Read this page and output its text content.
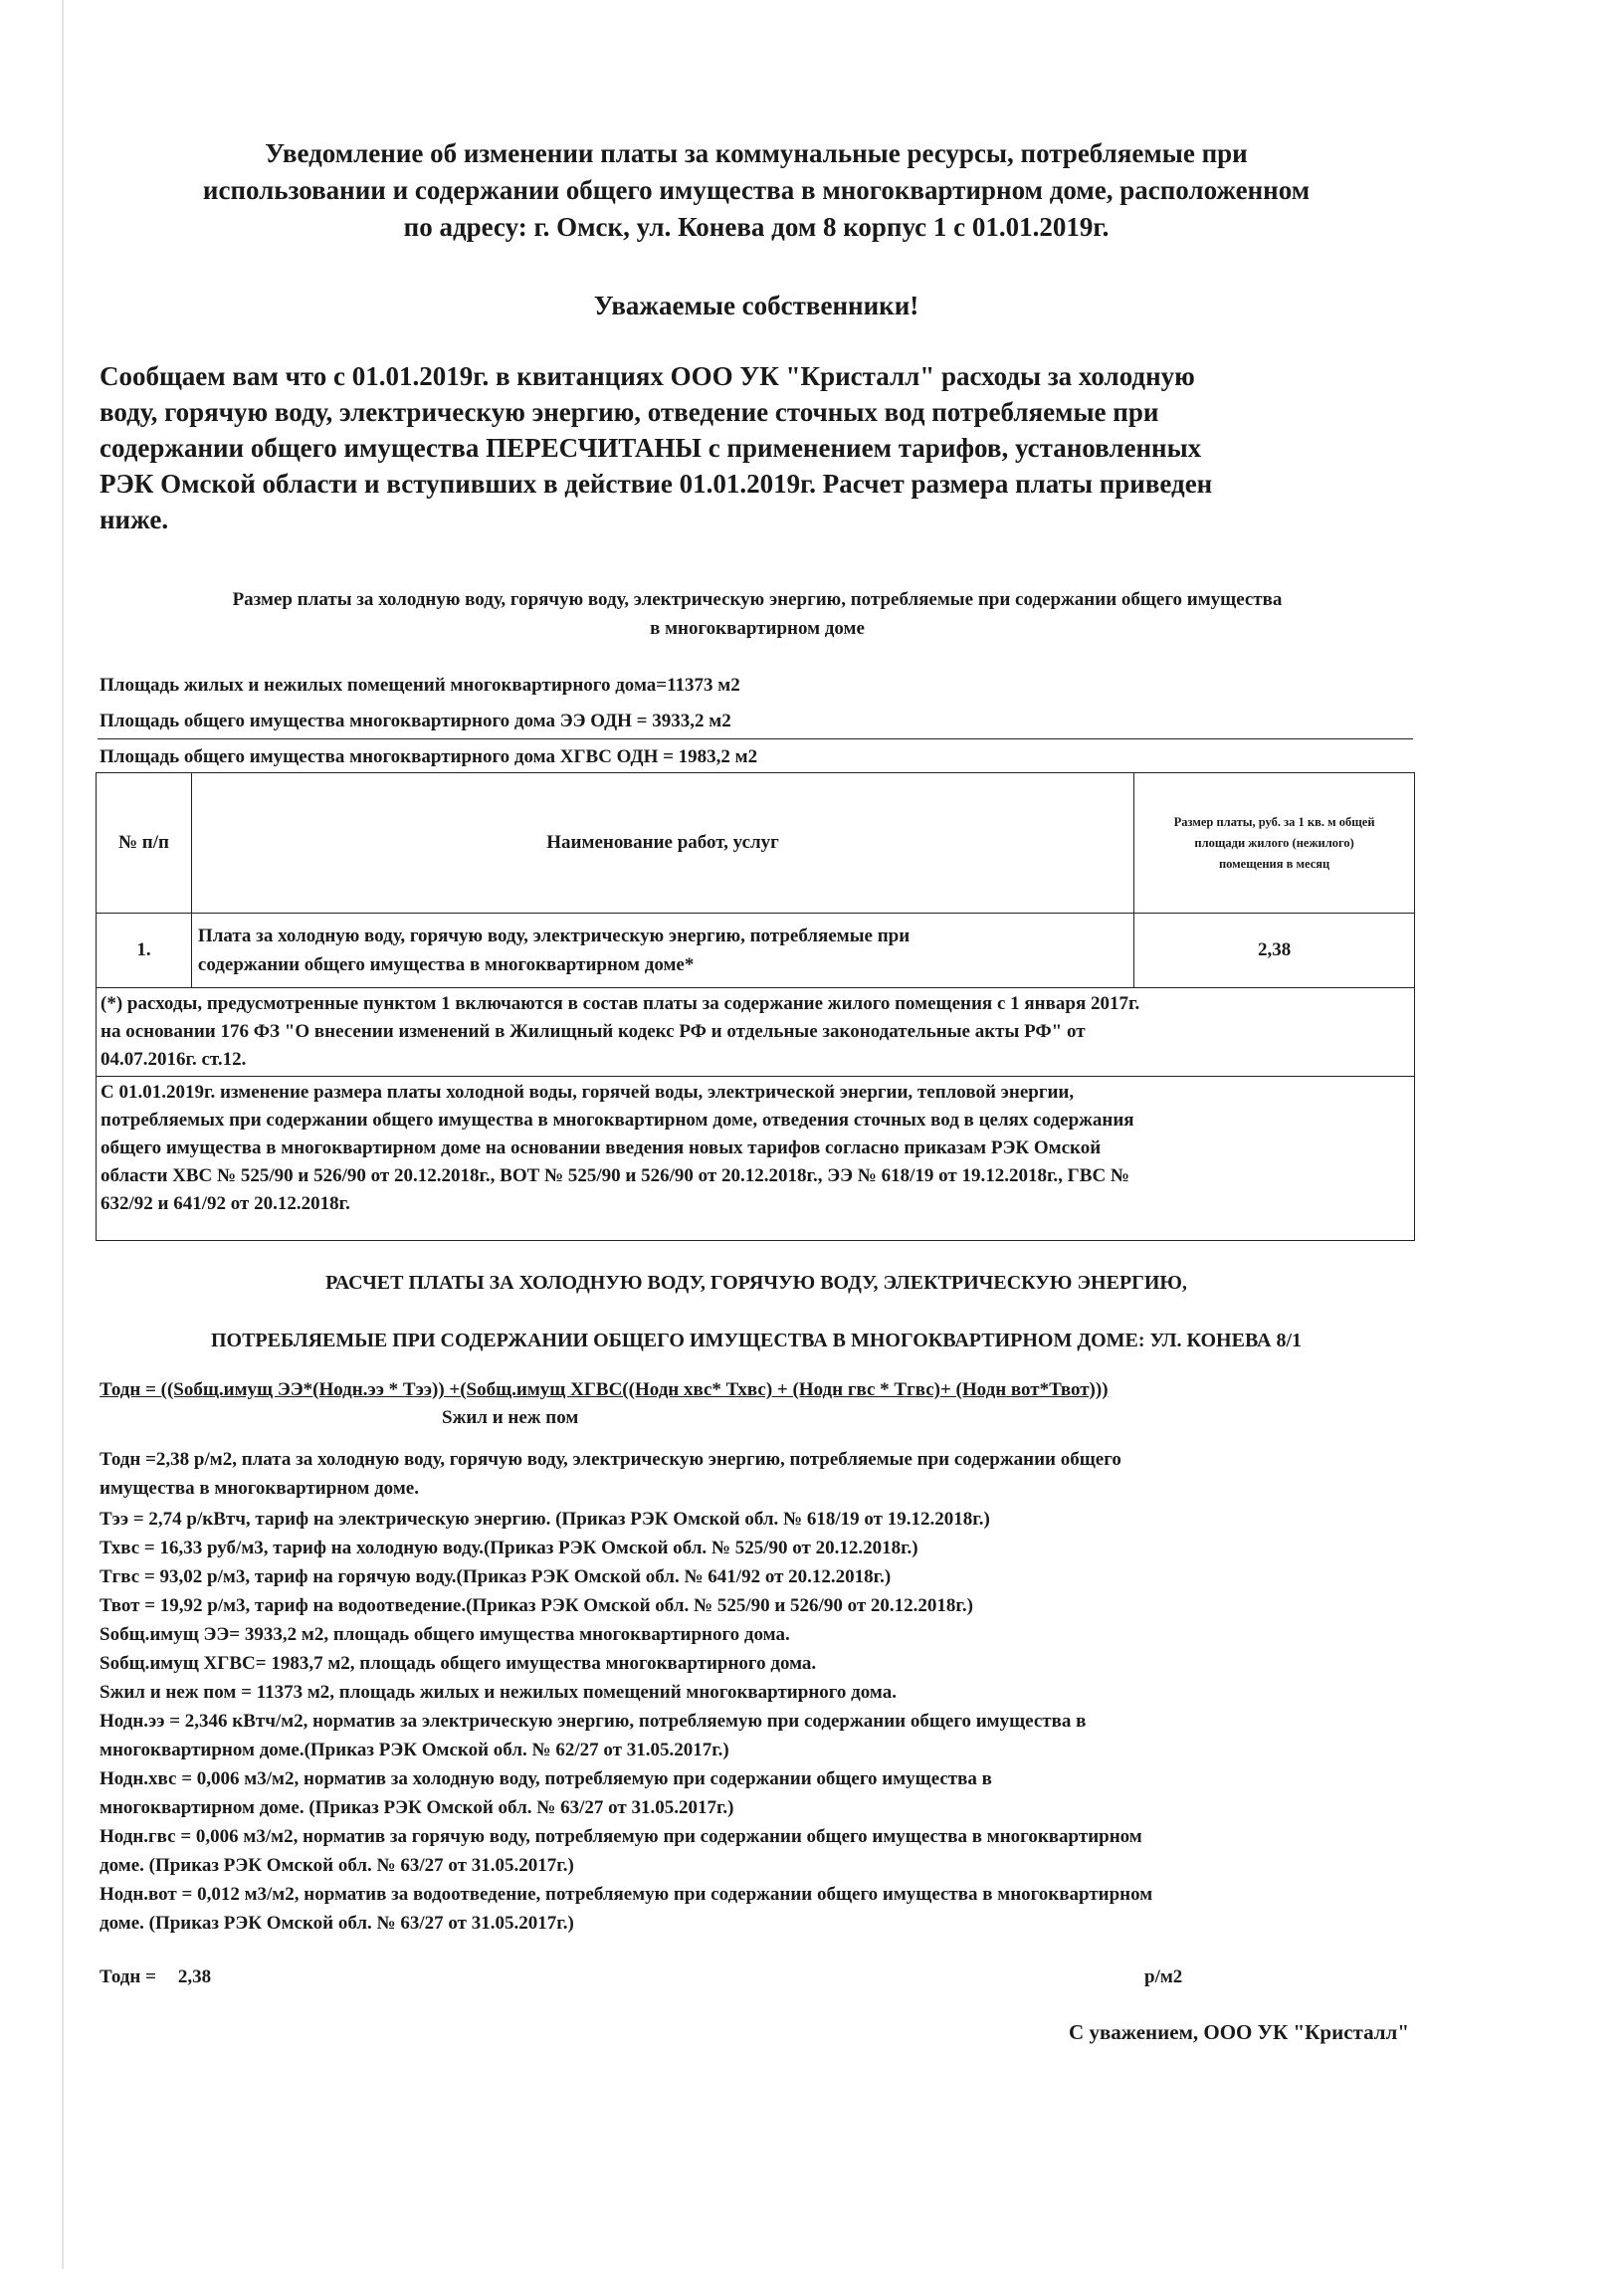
Уведомление об изменении платы за коммунальные ресурсы, потребляемые при
использовании и содержании общего имущества в многоквартирном доме, расположенном
по адресу: г. Омск, ул. Конева дом 8 корпус 1 с 01.01.2019г.
Уважаемые собственники!
Сообщаем вам что с 01.01.2019г. в квитанциях ООО УК "Кристалл" расходы за холодную
воду, горячую воду, электрическую энергию, отведение сточных вод потребляемые при
содержании общего имущества ПЕРЕСЧИТАНЫ с применением тарифов, установленных
РЭК Омской области и вступивших в действие 01.01.2019г. Расчет размера платы приведен
ниже.
Размер платы за холодную воду, горячую воду, электрическую энергию, потребляемые при содержании общего имущества
в многоквартирном доме
Площадь жилых и нежилых помещений многоквартирного дома=11373 м2
Площадь общего имущества многоквартирного дома ЭЭ ОДН = 3933,2 м2
Площадь общего имущества многоквартирного дома ХГВС ОДН = 1983,2 м2
№ п/п	Наименование работ, услуг	Размер платы, руб. за 1 кв. м общей
площади жилого (нежилого)
помещения в месяц

1.	Плата за холодную воду, горячую воду, электрическую энергию, потребляемые при
содержании общего имущества в многоквартирном доме*	2,38

(*) расходы, предусмотренные пунктом 1 включаются в состав платы за содержание жилого помещения с 1 января 2017г.
на основании 176 ФЗ "О внесении изменений в Жилищный кодекс РФ и отдельные законодательные акты РФ" от
04.07.2016г. ст.12.		

С 01.01.2019г. изменение размера платы холодной воды, горячей воды, электрической энергии, тепловой энергии,
потребляемых при содержании общего имущества в многоквартирном доме, отведения сточных вод в целях содержания
общего имущества в многоквартирном доме на основании введения новых тарифов согласно приказам РЭК Омской
области ХВС № 525/90 и 526/90 от 20.12.2018г., ВОТ № 525/90 и 526/90 от 20.12.2018г., ЭЭ № 618/19 от 19.12.2018г., ГВС №
632/92 и 641/92 от 20.12.2018г.		
РАСЧЕТ ПЛАТЫ ЗА ХОЛОДНУЮ ВОДУ, ГОРЯЧУЮ ВОДУ, ЭЛЕКТРИЧЕСКУЮ ЭНЕРГИЮ,
ПОТРЕБЛЯЕМЫЕ ПРИ СОДЕРЖАНИИ ОБЩЕГО ИМУЩЕСТВА В МНОГОКВАРТИРНОМ ДОМЕ: УЛ. КОНЕВА 8/1
Тодн = ((Sобщ.имущ ЭЭ*(Нодн.ээ * Тээ)) +(Sобщ.имущ ХГВС((Нодн хвс* Тхвс) + (Нодн гвс * Тгвс)+ (Нодн вот*Твот)))
Sжил и неж пом

Тодн =2,38 р/м2, плата за холодную воду, горячую воду, электрическую энергию, потребляемые при содержании общего

имущества в многоквартирном доме.

Тээ = 2,74 р/кВтч, тариф на электрическую энергию. (Приказ РЭК Омской обл. № 618/19 от 19.12.2018г.)

Тхвс = 16,33 руб/м3, тариф на холодную воду.(Приказ РЭК Омской обл. № 525/90 от 20.12.2018г.)

Тгвс = 93,02 р/м3, тариф на горячую воду.(Приказ РЭК Омской обл. № 641/92 от 20.12.2018г.)

Твот = 19,92 р/м3, тариф на водоотведение.(Приказ РЭК Омской обл. № 525/90 и 526/90 от 20.12.2018г.)

Sобщ.имущ ЭЭ= 3933,2 м2, площадь общего имущества многоквартирного дома.

Sобщ.имущ ХГВС= 1983,7 м2, площадь общего имущества многоквартирного дома.

Sжил и неж пом = 11373 м2, площадь жилых и нежилых помещений многоквартирного дома.

Нодн.ээ = 2,346 кВтч/м2, норматив за электрическую энергию, потребляемую при содержании общего имущества в

многоквартирном доме.(Приказ РЭК Омской обл. № 62/27 от 31.05.2017г.)

Нодн.хвс = 0,006 м3/м2, норматив за холодную воду, потребляемую при содержании общего имущества в

многоквартирном доме. (Приказ РЭК Омской обл. № 63/27 от 31.05.2017г.)

Нодн.гвс = 0,006 м3/м2, норматив за горячую воду, потребляемую при содержании общего имущества в многоквартирном

доме. (Приказ РЭК Омской обл. № 63/27 от 31.05.2017г.)

Нодн.вот = 0,012 м3/м2, норматив за водоотведение, потребляемую при содержании общего имущества в многоквартирном

доме. (Приказ РЭК Омской обл. № 63/27 от 31.05.2017г.)

Тодн = 2,38	р/м2
С уважением, ООО УК "Кристалл"
